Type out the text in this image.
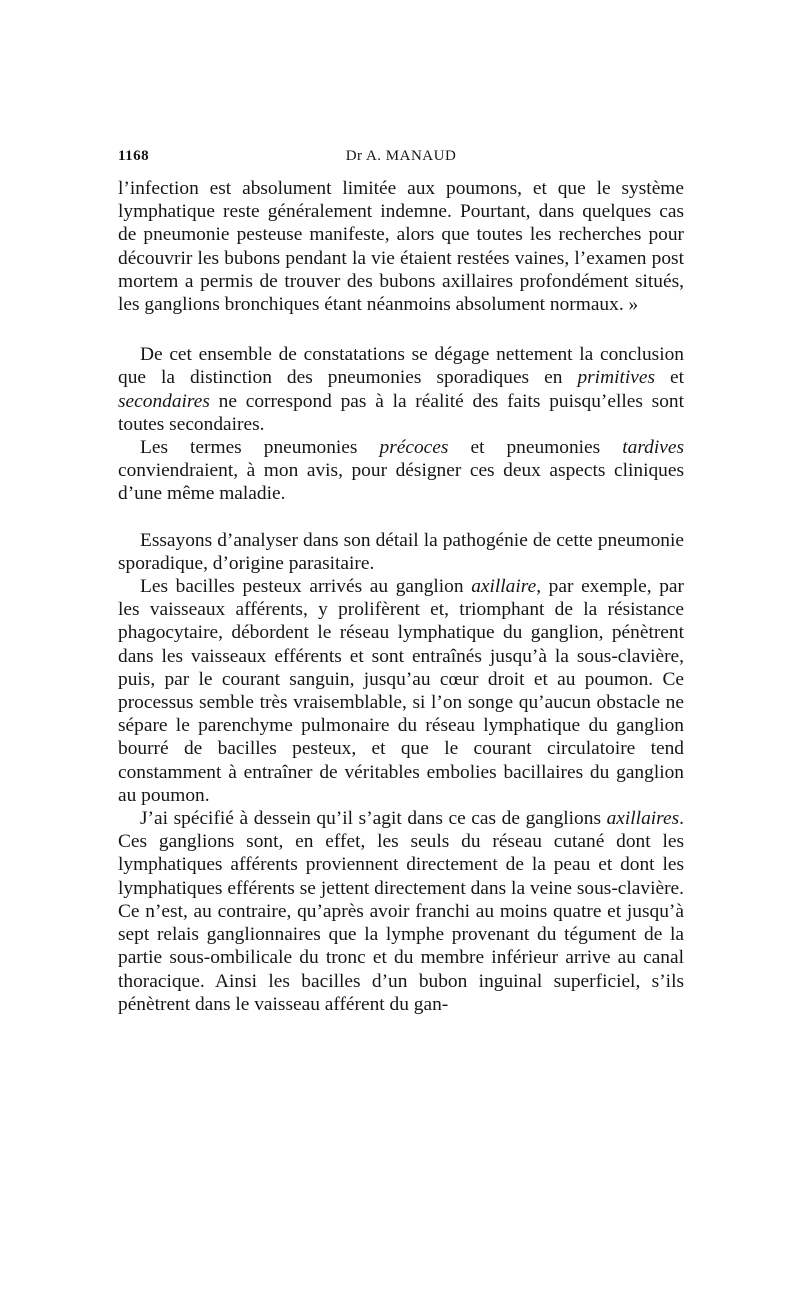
1168	Dr A. MANAUD

l’infection est absolument limitée aux poumons, et que le système lymphatique reste généralement indemne. Pourtant, dans quelques cas de pneumonie pesteuse manifeste, alors que toutes les recherches pour découvrir les bubons pendant la vie étaient restées vaines, l’examen post mortem a permis de trouver des bubons axillaires profondément situés, les ganglions bronchiques étant néanmoins absolument normaux. »

De cet ensemble de constatations se dégage nettement la conclusion que la distinction des pneumonies sporadiques en primitives et secondaires ne correspond pas à la réalité des faits puisqu’elles sont toutes secondaires.

Les termes pneumonies précoces et pneumonies tardives conviendraient, à mon avis, pour désigner ces deux aspects cliniques d’une même maladie.

Essayons d’analyser dans son détail la pathogénie de cette pneumonie sporadique, d’origine parasitaire.

Les bacilles pesteux arrivés au ganglion axillaire, par exemple, par les vaisseaux afférents, y prolifèrent et, triomphant de la résistance phagocytaire, débordent le réseau lymphatique du ganglion, pénètrent dans les vaisseaux efférents et sont entraînés jusqu’à la sous-clavière, puis, par le courant sanguin, jusqu’au cœur droit et au poumon. Ce processus semble très vraisemblable, si l’on songe qu’aucun obstacle ne sépare le parenchyme pulmonaire du réseau lymphatique du ganglion bourré de bacilles pesteux, et que le courant circulatoire tend constamment à entraîner de véritables embolies bacillaires du ganglion au poumon.

J’ai spécifié à dessein qu’il s’agit dans ce cas de ganglions axillaires. Ces ganglions sont, en effet, les seuls du réseau cutané dont les lymphatiques afférents proviennent directement de la peau et dont les lymphatiques efférents se jettent directement dans la veine sous-clavière. Ce n’est, au contraire, qu’après avoir franchi au moins quatre et jusqu’à sept relais ganglionnaires que la lymphe provenant du tégument de la partie sous-ombilicale du tronc et du membre inférieur arrive au canal thoracique. Ainsi les bacilles d’un bubon inguinal superficiel, s’ils pénètrent dans le vaisseau afférent du gan-
